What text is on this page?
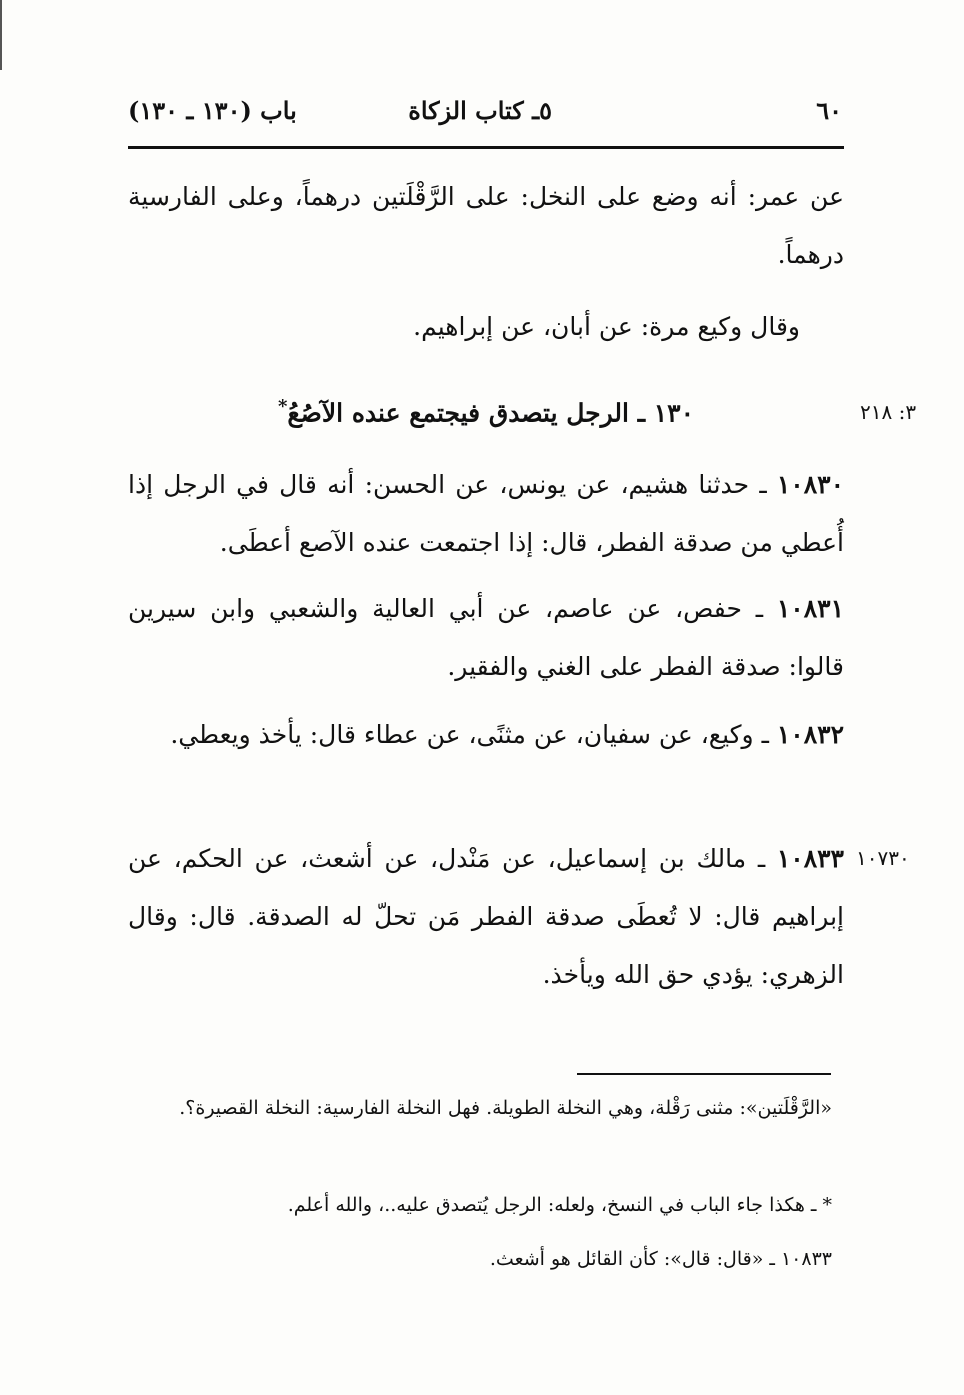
٦٠
٥ـ كتاب الزكاة
باب (١٣٠ ـ ١٣٠)
عن عمر: أنه وضع على النخل: على الرَّقْلَتين درهماً، وعلى الفارسية درهماً.
وقال وكيع مرة: عن أبان، عن إبراهيم.
٣: ٢١٨
١٣٠ ـ الرجل يتصدق فيجتمع عنده الآصُعُ*
١٠٨٣٠ ـ حدثنا هشيم، عن يونس، عن الحسن: أنه قال في الرجل إذا أُعطي من صدقة الفطر، قال: إذا اجتمعت عنده الآصع أعطَى.
١٠٨٣١ ـ حفص، عن عاصم، عن أبي العالية والشعبي وابن سيرين قالوا: صدقة الفطر على الغني والفقير.
١٠٨٣٢ ـ وكيع، عن سفيان، عن مثنًى، عن عطاء قال: يأخذ ويعطي.
١٠٧٣٠
١٠٨٣٣ ـ مالك بن إسماعيل، عن مَنْدل، عن أشعث، عن الحكم، عن إبراهيم قال: لا تُعطَى صدقة الفطر مَن تحلّ له الصدقة. قال: وقال الزهري: يؤدي حق الله ويأخذ.
«الرَّقْلَتين»: مثنى رَقْلة، وهي النخلة الطويلة. فهل النخلة الفارسية: النخلة القصيرة؟.
* ـ هكذا جاء الباب في النسخ، ولعله: الرجل يُتصدق عليه..، والله أعلم.
١٠٨٣٣ ـ «قال: قال»: كأن القائل هو أشعث.
